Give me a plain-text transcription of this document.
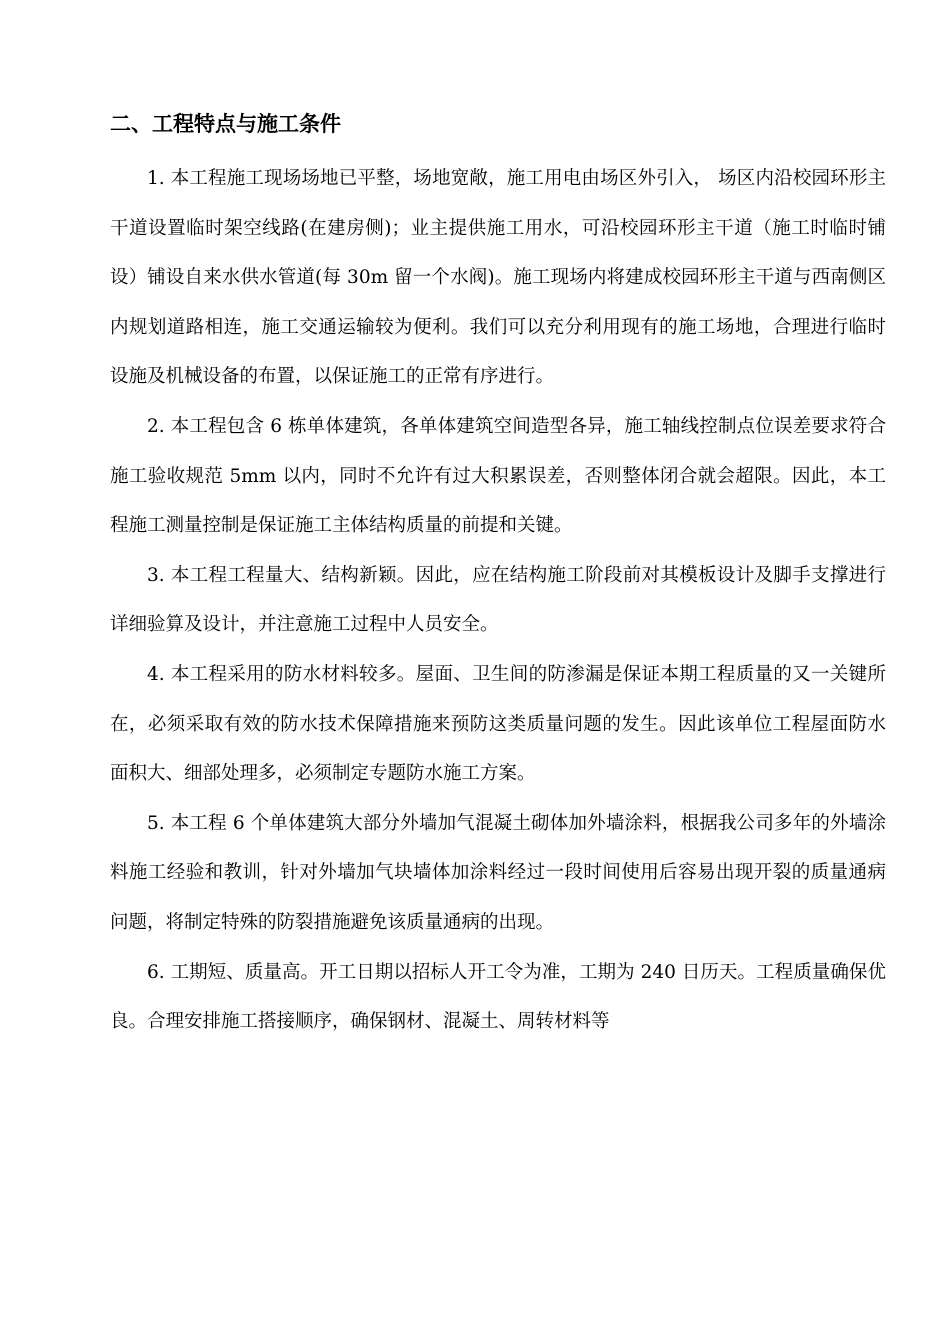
二、工程特点与施工条件

1. 本工程施工现场场地已平整，场地宽敞，施工用电由场区外引入， 场区内沿校园环形主干道设置临时架空线路(在建房侧)；业主提供施工用水，可沿校园环形主干道（施工时临时铺设）铺设自来水供水管道(每 30m 留一个水阀)。施工现场内将建成校园环形主干道与西南侧区内规划道路相连，施工交通运输较为便利。我们可以充分利用现有的施工场地，合理进行临时设施及机械设备的布置，以保证施工的正常有序进行。

2. 本工程包含 6 栋单体建筑，各单体建筑空间造型各异，施工轴线控制点位误差要求符合施工验收规范 5mm 以内，同时不允许有过大积累误差，否则整体闭合就会超限。因此，本工程施工测量控制是保证施工主体结构质量的前提和关键。

3. 本工程工程量大、结构新颖。因此，应在结构施工阶段前对其模板设计及脚手支撑进行详细验算及设计，并注意施工过程中人员安全。

4. 本工程采用的防水材料较多。屋面、卫生间的防渗漏是保证本期工程质量的又一关键所在，必须采取有效的防水技术保障措施来预防这类质量问题的发生。因此该单位工程屋面防水面积大、细部处理多，必须制定专题防水施工方案。

5. 本工程 6 个单体建筑大部分外墙加气混凝土砌体加外墙涂料，根据我公司多年的外墙涂料施工经验和教训，针对外墙加气块墙体加涂料经过一段时间使用后容易出现开裂的质量通病问题，将制定特殊的防裂措施避免该质量通病的出现。

6. 工期短、质量高。开工日期以招标人开工令为准，工期为 240 日历天。工程质量确保优良。合理安排施工搭接顺序，确保钢材、混凝土、周转材料等
